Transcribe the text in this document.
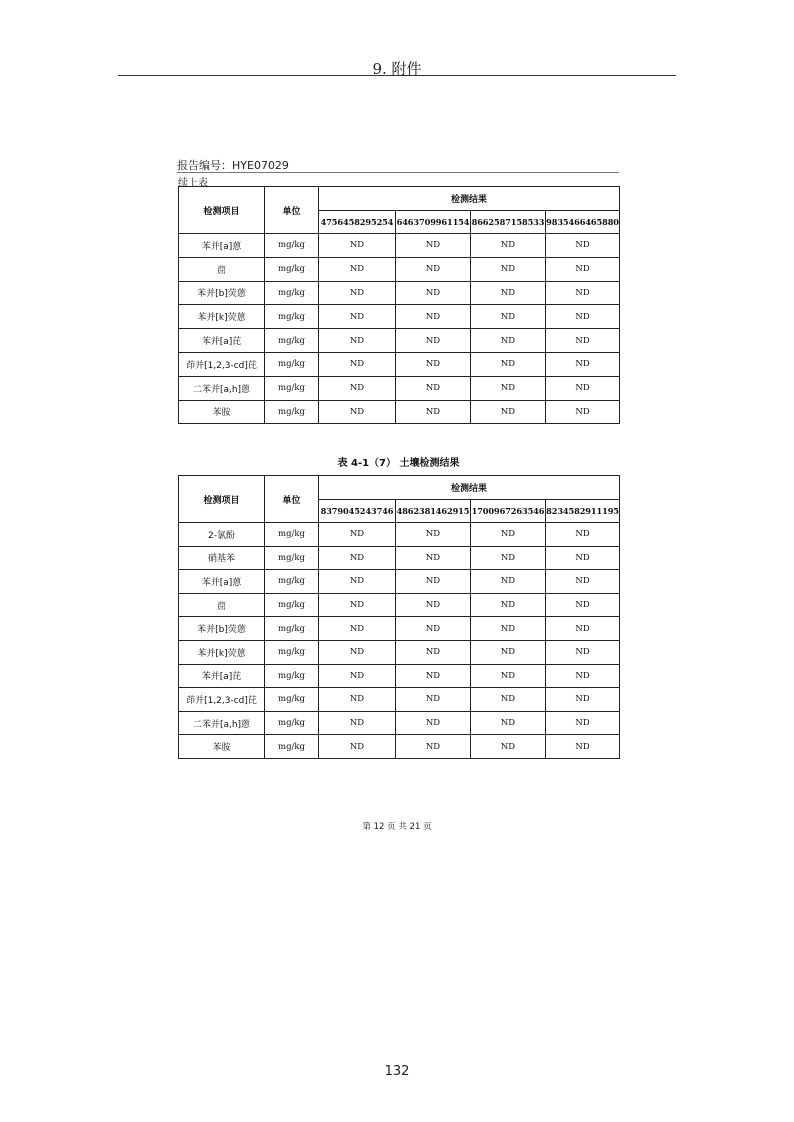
9. 附件
报告编号：HYE07029
续上表
检测项目	单位	检测结果			
		4756458295254	6463709961154	8662587158533	9835466465880
苯并[a]蒽	mg/kg	ND	ND	ND	ND
䓛	mg/kg	ND	ND	ND	ND
苯并[b]荧蒽	mg/kg	ND	ND	ND	ND
苯并[k]荧蒽	mg/kg	ND	ND	ND	ND
苯并[a]芘	mg/kg	ND	ND	ND	ND
茚并[1,2,3-cd]芘	mg/kg	ND	ND	ND	ND
二苯并[a,h]蒽	mg/kg	ND	ND	ND	ND
苯胺	mg/kg	ND	ND	ND	ND
表 4-1（7） 土壤检测结果
检测项目	单位	检测结果			
		8379045243746	4862381462915	1700967263546	8234582911195
2-氯酚	mg/kg	ND	ND	ND	ND
硝基苯	mg/kg	ND	ND	ND	ND
苯并[a]蒽	mg/kg	ND	ND	ND	ND
䓛	mg/kg	ND	ND	ND	ND
苯并[b]荧蒽	mg/kg	ND	ND	ND	ND
苯并[k]荧蒽	mg/kg	ND	ND	ND	ND
苯并[a]芘	mg/kg	ND	ND	ND	ND
茚并[1,2,3-cd]芘	mg/kg	ND	ND	ND	ND
二苯并[a,h]蒽	mg/kg	ND	ND	ND	ND
苯胺	mg/kg	ND	ND	ND	ND
第 12 页 共 21 页
132
